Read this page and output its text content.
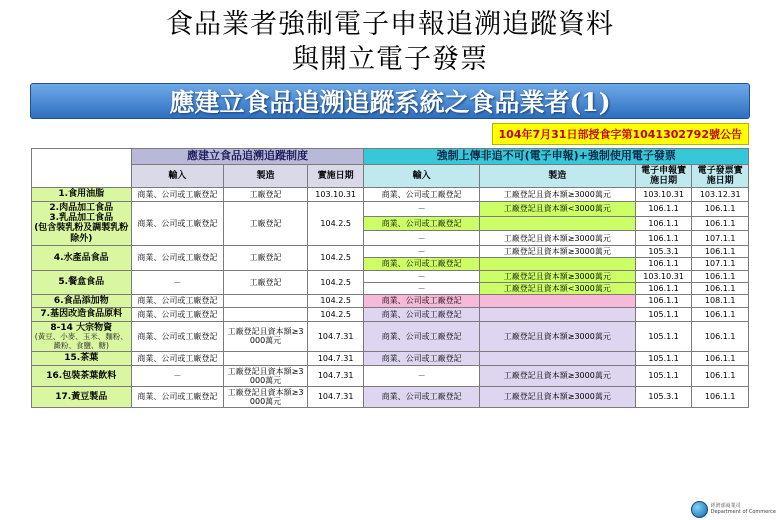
食品業者強制電子申報追溯追蹤資料
與開立電子發票
應建立食品追溯追蹤系統之食品業者(1)
104年7月31日部授食字第1041302792號公告
	應建立食品追溯追蹤制度			強制上傳非追不可(電子申報)+強制使用電子發票			
	輸入	製造	實施日期	輸入	製造	電子申報實施日期	電子發票實施日期

1.食用油脂	商業、公司或工廠登記	工廠登記	103.10.31	商業、公司或工廠登記	工廠登記且資本額≥3000萬元	103.10.31	103.12.31

2.肉品加工食品
3.乳品加工食品
(包含裝乳粉及調製乳粉除外)	商業、公司或工廠登記	工廠登記	104.2.5	－	工廠登記且資本額<3000萬元	106.1.1	106.1.1
				商業、公司或工廠登記		106.1.1	106.1.1
				－	工廠登記且資本額≥3000萬元	106.1.1	107.1.1

4.水產品食品	商業、公司或工廠登記	工廠登記	104.2.5	－	工廠登記且資本額≥3000萬元	105.3.1	106.1.1
				商業、公司或工廠登記		106.1.1	107.1.1

5.餐盒食品	－	工廠登記	104.2.5	－	工廠登記且資本額≥3000萬元	103.10.31	106.1.1
				－	工廠登記且資本額<3000萬元	106.1.1	106.1.1

6.食品添加物	商業、公司或工廠登記		104.2.5	商業、公司或工廠登記		106.1.1	108.1.1

7.基因改造食品原料	商業、公司或工廠登記		104.2.5	商業、公司或工廠登記		105.1.1	106.1.1

8-14 大宗物資
(黃豆、小麥、玉米、麵粉、澱粉、食鹽、糖)	商業、公司或工廠登記	工廠登記且資本額≥3000萬元	104.7.31	商業、公司或工廠登記	工廠登記且資本額≥3000萬元	105.1.1	106.1.1

15.茶葉	商業、公司或工廠登記		104.7.31	商業、公司或工廠登記		105.1.1	106.1.1

16.包裝茶葉飲料	－	工廠登記且資本額≥3000萬元	104.7.31	－	工廠登記且資本額≥3000萬元	105.1.1	106.1.1

17.黃豆製品	商業、公司或工廠登記	工廠登記且資本額≥3000萬元	104.7.31	商業、公司或工廠登記	工廠登記且資本額≥3000萬元	105.3.1	106.1.1
經濟部商業司
Department of Commerce
